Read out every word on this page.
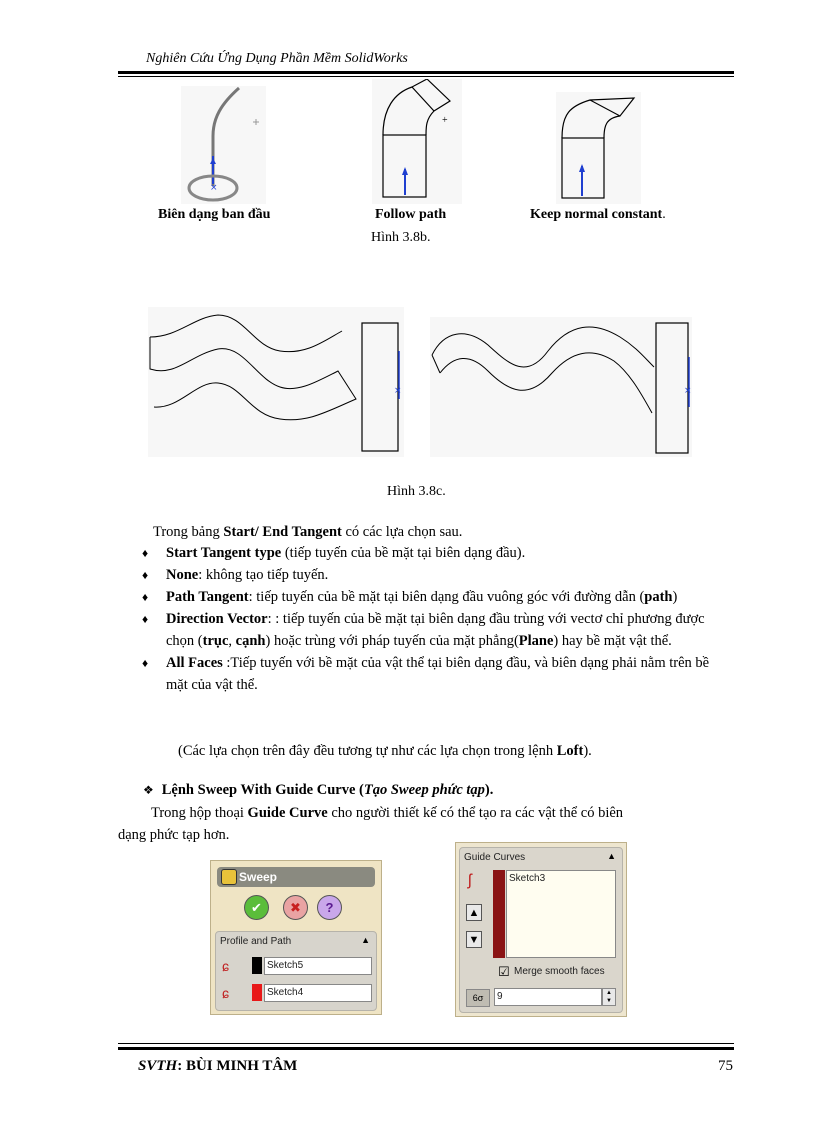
Nghiên Cứu Ứng Dụng Phần Mềm SolidWorks
×
+
Biên dạng ban đầu	Follow path	Keep normal constant.
Hình 3.8b.
×	×
Hình 3.8c.
Trong bảng Start/ End Tangent có các lựa chọn sau.
♦ Start Tangent type (tiếp tuyến của bề mặt tại biên dạng đầu).
♦ None: không tạo tiếp tuyến.
♦ Path Tangent: tiếp tuyến của bề mặt tại biên dạng đầu vuông góc với đường dẫn (path)
♦ Direction Vector: : tiếp tuyến của bề mặt tại biên dạng đầu trùng với vectơ chỉ phương được chọn (trục, cạnh) hoặc trùng với pháp tuyến của mặt phẳng(Plane) hay bề mặt vật thể.
♦ All Faces :Tiếp tuyến với bề mặt của vật thể tại biên dạng đầu, và biên dạng phải nằm trên bề mặt của vật thể.
(Các lựa chọn trên đây đều tương tự như các lựa chọn trong lệnh Loft).
❖ Lệnh Sweep With Guide Curve (Tạo Sweep phức tạp).
Trong hộp thoại Guide Curve cho người thiết kế có thể tạo ra các vật thể có biên
dạng phức tạp hơn.
Sweep
✔ ✖ ?
Profile and Path	▲
ɕ	Sketch5
ɕ	Sketch4
Guide Curves	▲
ʃ
▲
▼
Sketch3
☑ Merge smooth faces
6σ	9	▲
▼
SVTH: BÙI MINH TÂM	75
